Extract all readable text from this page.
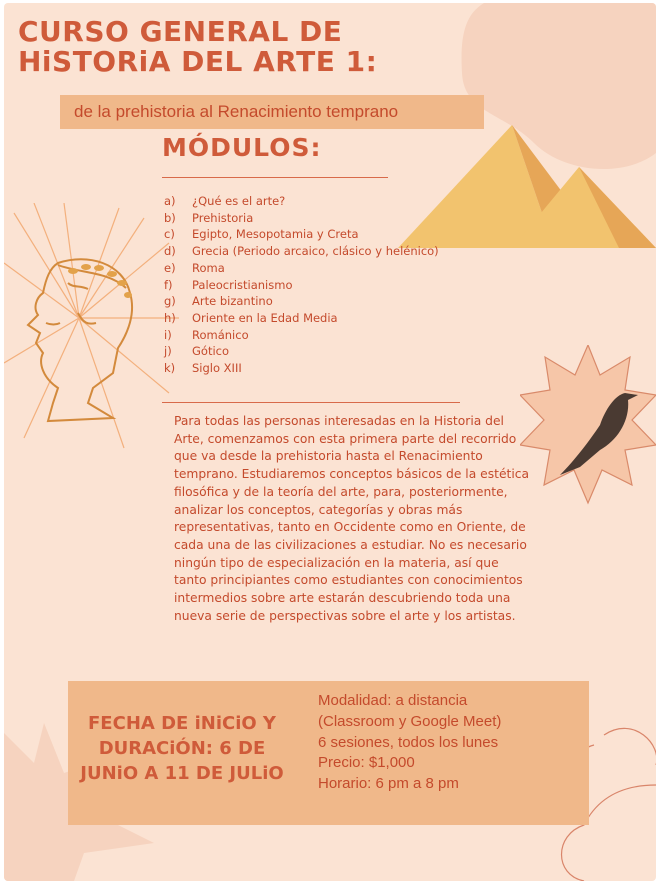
CURSO GENERAL DE
HiSTORiA DEL ARTE 1:
de la prehistoria al Renacimiento temprano
MÓDULOS:
a) ¿Qué es el arte?
b) Prehistoria
c) Egipto, Mesopotamia y Creta
d) Grecia (Periodo arcaico, clásico y helénico)
e) Roma
f) Paleocristianismo
g) Arte bizantino
h) Oriente en la Edad Media
i) Románico
j) Gótico
k) Siglo XIII

Para todas las personas interesadas en la Historia del Arte, comenzamos con esta primera parte del recorrido que va desde la prehistoria hasta el Renacimiento temprano. Estudiaremos conceptos básicos de la estética filosófica y de la teoría del arte, para, posteriormente, analizar los conceptos, categorías y obras más representativas, tanto en Occidente como en Oriente, de cada una de las civilizaciones a estudiar. No es necesario ningún tipo de especialización en la materia, así que tanto principiantes como estudiantes con conocimientos intermedios sobre arte estarán descubriendo toda una nueva serie de perspectivas sobre el arte y los artistas.

FECHA DE iNiCiO Y
DURACiÓN: 6 DE
JUNiO A 11 DE JULiO
Modalidad: a distancia
(Classroom y Google Meet)
6 sesiones, todos los lunes
Precio: $1,000
Horario: 6 pm a 8 pm
